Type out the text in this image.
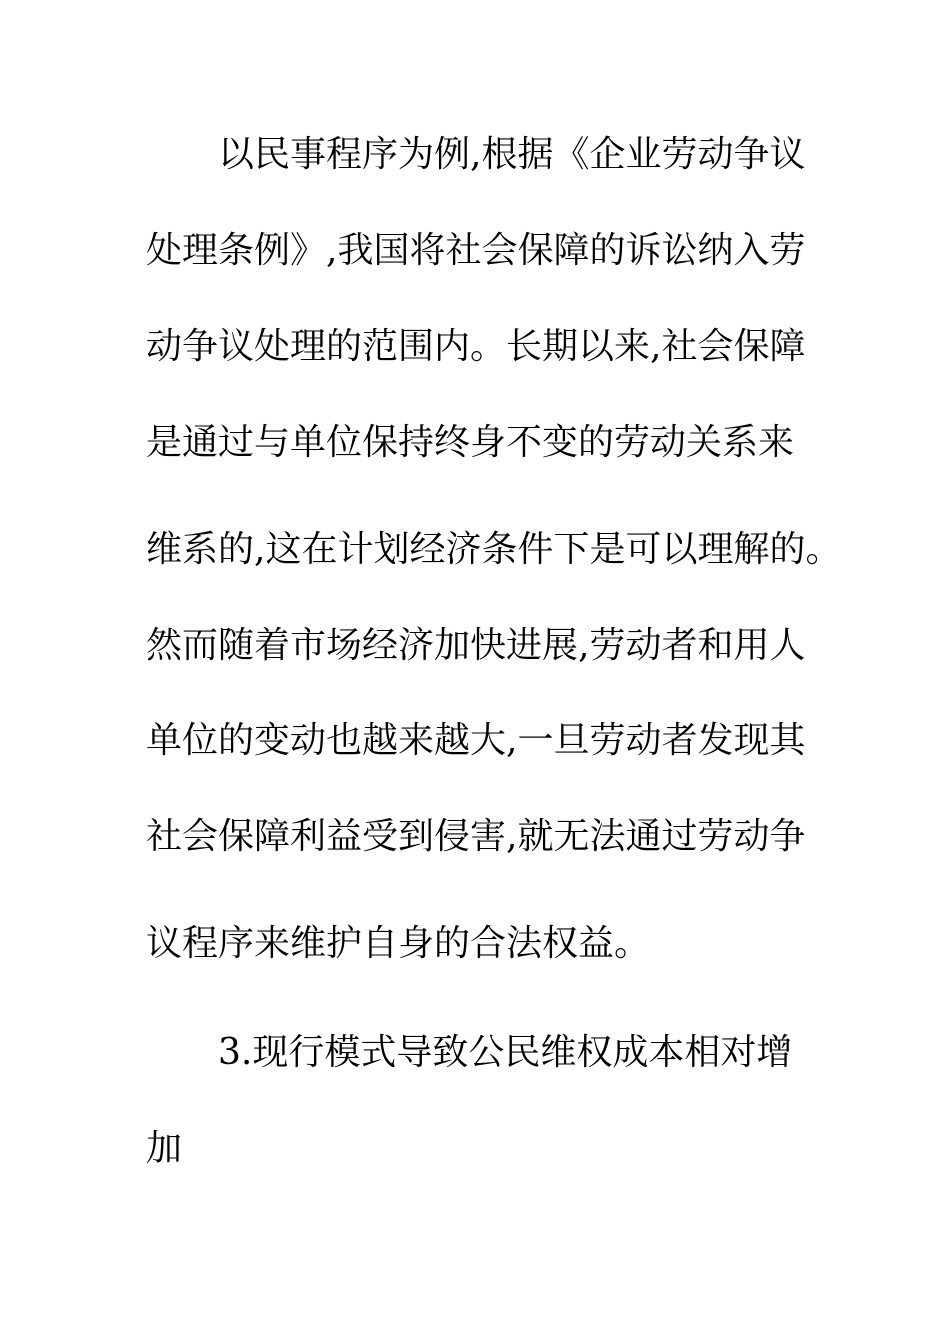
以民事程序为例,根据《企业劳动争议
处理条例》,我国将社会保障的诉讼纳入劳
动争议处理的范围内。长期以来,社会保障
是通过与单位保持终身不变的劳动关系来
维系的,这在计划经济条件下是可以理解的。
然而随着市场经济加快进展,劳动者和用人
单位的变动也越来越大,一旦劳动者发现其
社会保障利益受到侵害,就无法通过劳动争
议程序来维护自身的合法权益。
3.现行模式导致公民维权成本相对增
加
